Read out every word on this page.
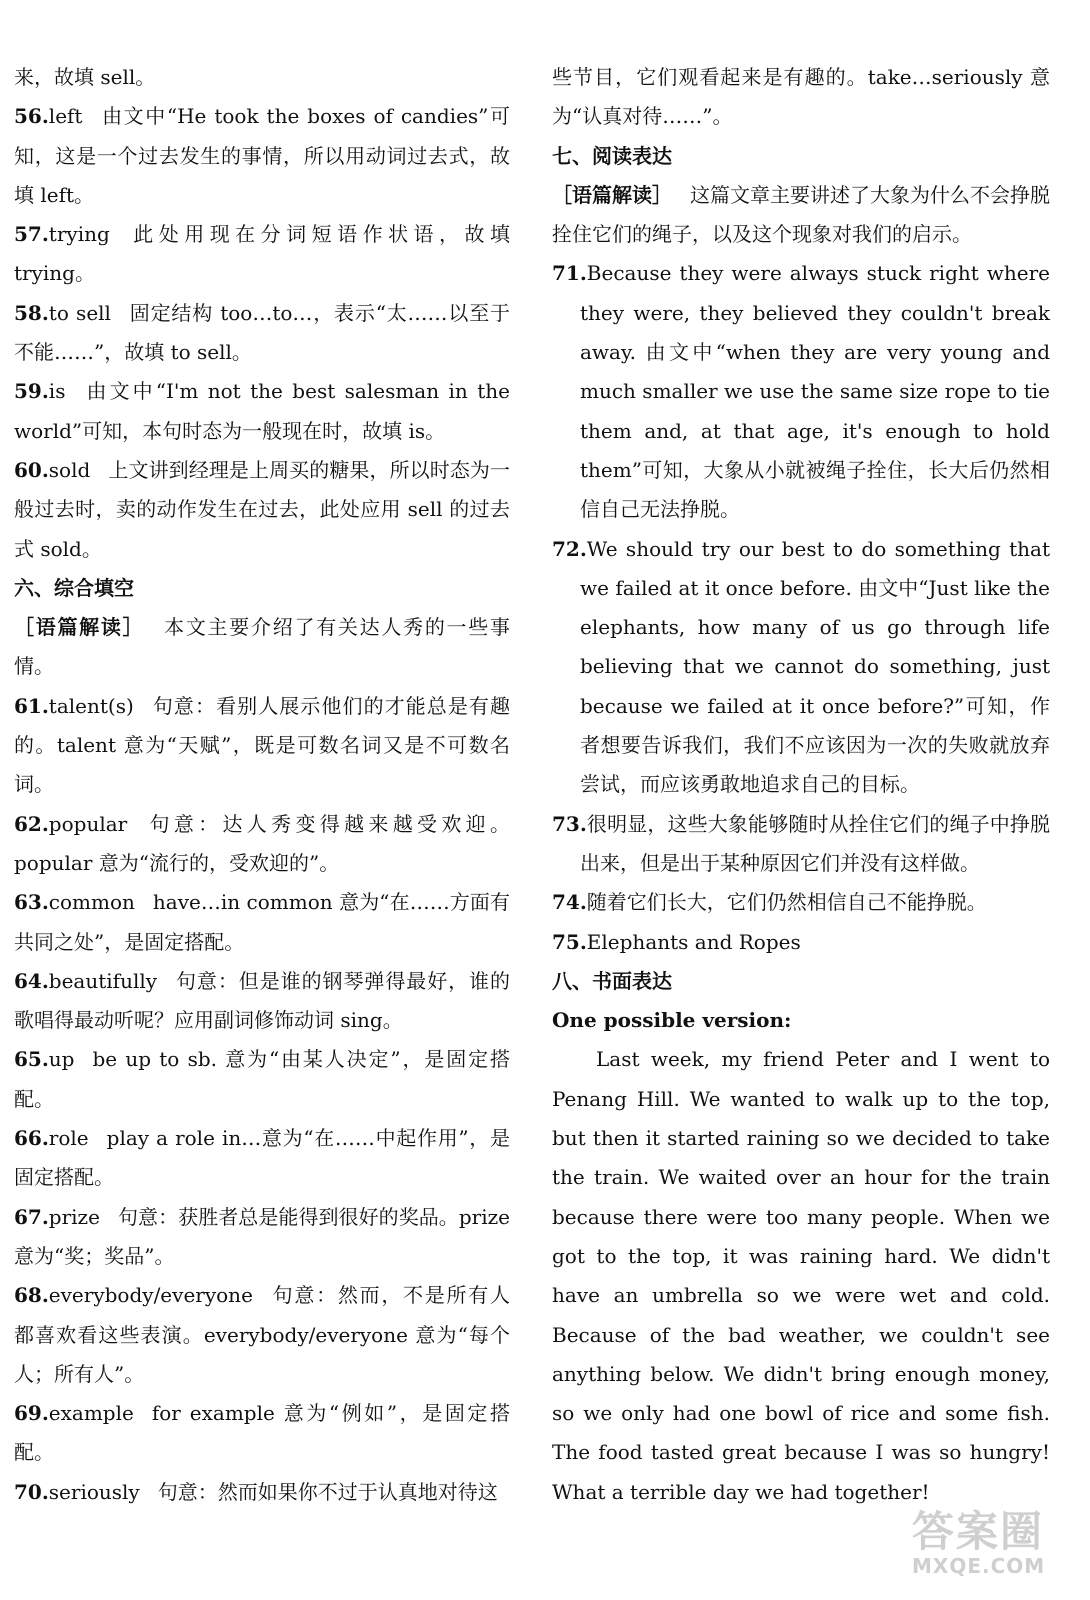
来，故填 sell。

56.left 由文中“He took the boxes of candies”可知，这是一个过去发生的事情，所以用动词过去式，故填 left。

57.trying 此处用现在分词短语作状语，故填 trying。

58.to sell 固定结构 too…to…，表示“太……以至于不能……”，故填 to sell。

59.is 由文中“I'm not the best salesman in the world”可知，本句时态为一般现在时，故填 is。

60.sold 上文讲到经理是上周买的糖果，所以时态为一般过去时，卖的动作发生在过去，此处应用 sell 的过去式 sold。

六、综合填空

［语篇解读］ 本文主要介绍了有关达人秀的一些事情。

61.talent(s) 句意：看别人展示他们的才能总是有趣的。talent 意为“天赋”，既是可数名词又是不可数名词。

62.popular 句意：达人秀变得越来越受欢迎。popular 意为“流行的，受欢迎的”。

63.common have…in common 意为“在……方面有共同之处”，是固定搭配。

64.beautifully 句意：但是谁的钢琴弹得最好，谁的歌唱得最动听呢？应用副词修饰动词 sing。

65.up be up to sb. 意为“由某人决定”，是固定搭配。

66.role play a role in…意为“在……中起作用”，是固定搭配。

67.prize 句意：获胜者总是能得到很好的奖品。prize 意为“奖；奖品”。

68.everybody/everyone 句意：然而，不是所有人都喜欢看这些表演。everybody/everyone 意为“每个人；所有人”。

69.example for example 意为“例如”，是固定搭配。

70.seriously 句意：然而如果你不过于认真地对待这

些节目，它们观看起来是有趣的。take…seriously 意为“认真对待……”。

七、阅读表达

［语篇解读］ 这篇文章主要讲述了大象为什么不会挣脱拴住它们的绳子，以及这个现象对我们的启示。

71.Because they were always stuck right where they were, they believed they couldn't break away. 由文中“when they are very young and much smaller we use the same size rope to tie them and, at that age, it's enough to hold them”可知，大象从小就被绳子拴住，长大后仍然相信自己无法挣脱。

72.We should try our best to do something that we failed at it once before. 由文中“Just like the elephants, how many of us go through life believing that we cannot do something, just because we failed at it once before?”可知，作者想要告诉我们，我们不应该因为一次的失败就放弃尝试，而应该勇敢地追求自己的目标。

73.很明显，这些大象能够随时从拴住它们的绳子中挣脱出来，但是出于某种原因它们并没有这样做。

74.随着它们长大，它们仍然相信自己不能挣脱。

75.Elephants and Ropes

八、书面表达

One possible version:

Last week, my friend Peter and I went to Penang Hill. We wanted to walk up to the top, but then it started raining so we decided to take the train. We waited over an hour for the train because there were too many people. When we got to the top, it was raining hard. We didn't have an umbrella so we were wet and cold. Because of the bad weather, we couldn't see anything below. We didn't bring enough money, so we only had one bowl of rice and some fish. The food tasted great because I was so hungry! What a terrible day we had together!

答案圈
MXQE.COM
